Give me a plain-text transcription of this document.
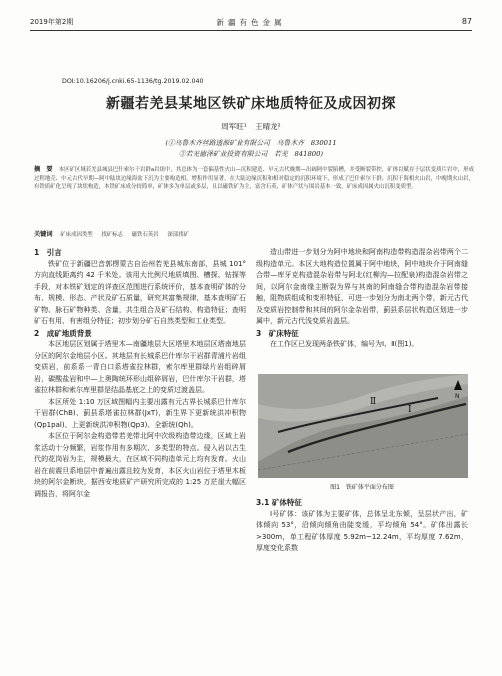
2019年第2期	新疆有色金属	87
DOI:10.16206/j.cnki.65-1136/tg.2019.02.040
新疆若羌县某地区铁矿床地质特征及成因初探
周军旺¹ 王晴龙²
(①乌鲁木齐丝路透源矿业有限公司　乌鲁木齐　830011
②若羌德泽矿业投资有限公司　若羌　841800)
摘　要 本区矿区域若羌县城县巴什索尔干岩群a岩组中，其总体为一套偏基性火山—沉积建造、早元古代晚期—出阔阿中裂陷槽，并受断裂带控，矿体以赋存于层状变质片岩中，形成过程地壳、中元古代早期—阿中陆块边缘海盆下沉为主要构造相，增积作用显著，在大陆边缘沉积和相对稳定的沉积环境下，形成了巴什索尔干群；沉积于海相火山岩，中晚期火山岩，有铁质矿化呈现了块状构造，本铁矿床成分较简单，矿体多为单层或多层，且以磁铁矿为主，富含石英，矿体产状与围岩基本一致，矿床成因属火山沉积变质型。
关键词 矿床成因类型 找矿标志 磁铁石英岩 深部找矿
1　引言
铁矿位于新疆巴音郭楞蒙古自治州若羌县城东南部，县城 101°方向直线距离约 42 千米处。该用大比例尺地质填图、槽探、钻探等手段，对本铁矿划定的详查区范围进行系统评价，基本查明矿体的分布、规模、形态、产状及矿石质量，研究其富集规律，基本查明矿石矿物、脉石矿物种类、含量，共生组合及矿石结构、构造特征；查明矿石有用、有害组分特征；初步划分矿石自然类型和工业类型。
2　成矿地质背景
本区地层区划属于塔里木—南疆地层大区塔里木地层区塔南地层分区的阿尔金地层小区。其地层有长城系巴什库尔干岩群青浦片岩组变质岩，前系系一青白口系塔雀拉林群，索尔库里群绿片岩组碎屑岩，碳酸盐岩和中—上奥陶统环形山组碎屑岩，巴什库尔干岩群，塔雀拉林群和索尔库里群是结晶基底之上的变质过渡盖层。
本区所处 1:10 万区域图幅内主要出露有元古界长城系巴什库尔干岩群(ChB)、蓟县系塔雀拉林群(JxT)，新生界下更新统洪冲积物(Qp1pal)、上更新统洪冲积物(Qp3)、全新统(Qh)。
本区位于阿尔金构造带若羌带北阿中次级构造带边缘，区域上岩浆活动十分频繁，岩浆作用有多期次、多类型的特点。侵入岩以古生代的花岗岩为主，规模最大，在区域不同构造单元上均有发育。火山岩在前震旦系地层中普遍出露且较为发育，本区火山岩位于塔里木板块的阿尔金断块，据西安地质矿产研究所完成的 1:25 万茫崖大幅区调报告，将阿尔金
造山带进一步划分为阿中地块和阿南构造带构造混杂岩带两个二级构造单元。本区大地构造位置属于阿中地块，阿中地块介于阿南缝合带—库牙克构造混杂岩带与阿北(红柳沟—拉配泉)构造混杂岩带之间，以阿尔金南缘主断裂为界与其南的阿南缝合带构造混杂岩带接触，阻物质组成和变形特征，可进一步划分为南北两个带，新元古代及变质岩控制带和其间的阿尔金杂岩带，蓟县系层状构造区划进一步属中，新元古代浅变质岩盖层。
3　矿床特征
在工作区已发现两条铁矿体，编号为Ⅰ、Ⅱ(图1)。
Ⅰ
Ⅱ
N
图1　铁矿体平面分布图
3.1 矿体特征
Ⅰ号矿体：该矿体为主要矿体，总体呈北东倾，呈层状产出，矿体倾向 53°，沿倾向倾角由陡变缓，平均倾角 54°。矿体出露长>300m，单工程矿体厚度 5.92m~12.24m，平均厚度 7.62m，厚度变化系数
